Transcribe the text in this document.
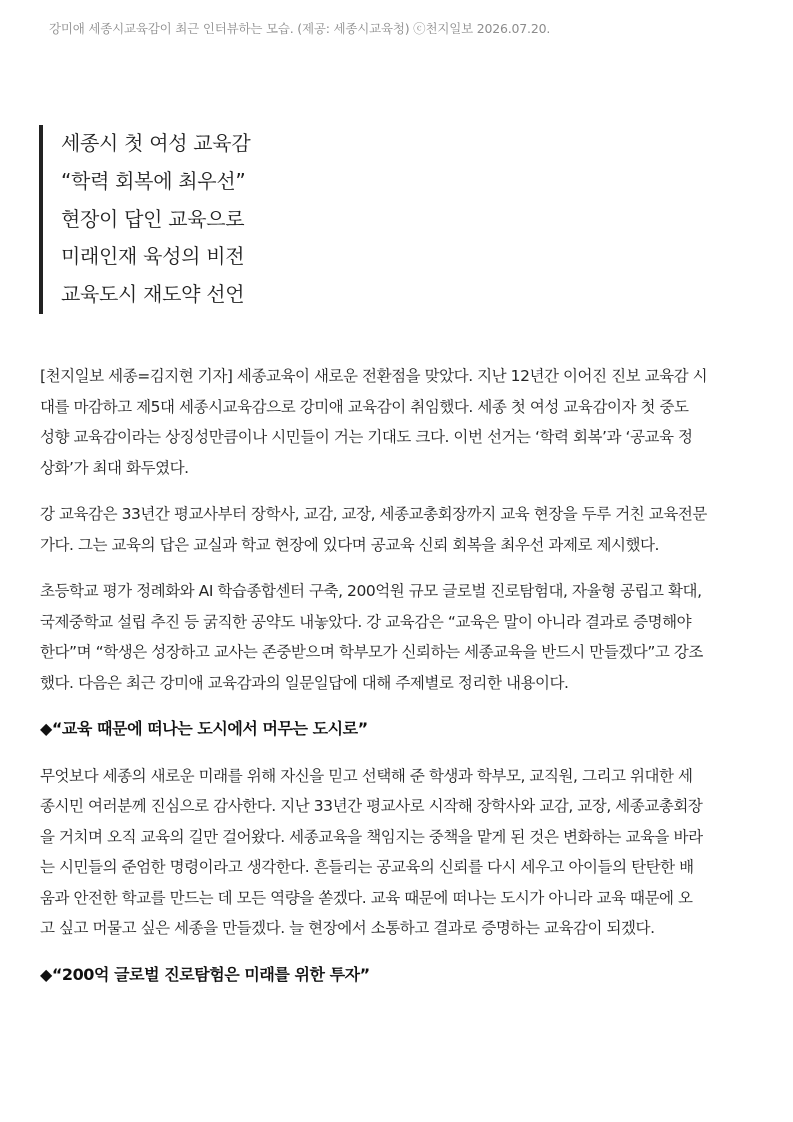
강미애 세종시교육감이 최근 인터뷰하는 모습. (제공: 세종시교육청) ⓒ천지일보 2026.07.20.
세종시 첫 여성 교육감
“학력 회복에 최우선”
현장이 답인 교육으로
미래인재 육성의 비전
교육도시 재도약 선언

[천지일보 세종=김지현 기자] 세종교육이 새로운 전환점을 맞았다. 지난 12년간 이어진 진보 교육감 시
대를 마감하고 제5대 세종시교육감으로 강미애 교육감이 취임했다. 세종 첫 여성 교육감이자 첫 중도
성향 교육감이라는 상징성만큼이나 시민들이 거는 기대도 크다. 이번 선거는 ‘학력 회복’과 ‘공교육 정
상화’가 최대 화두였다.

강 교육감은 33년간 평교사부터 장학사, 교감, 교장, 세종교총회장까지 교육 현장을 두루 거친 교육전문
가다. 그는 교육의 답은 교실과 학교 현장에 있다며 공교육 신뢰 회복을 최우선 과제로 제시했다.

초등학교 평가 정례화와 AI 학습종합센터 구축, 200억원 규모 글로벌 진로탐험대, 자율형 공립고 확대,
국제중학교 설립 추진 등 굵직한 공약도 내놓았다. 강 교육감은 “교육은 말이 아니라 결과로 증명해야
한다”며 “학생은 성장하고 교사는 존중받으며 학부모가 신뢰하는 세종교육을 반드시 만들겠다”고 강조
했다. 다음은 최근 강미애 교육감과의 일문일답에 대해 주제별로 정리한 내용이다.

◆“교육 때문에 떠나는 도시에서 머무는 도시로”

무엇보다 세종의 새로운 미래를 위해 자신을 믿고 선택해 준 학생과 학부모, 교직원, 그리고 위대한 세
종시민 여러분께 진심으로 감사한다. 지난 33년간 평교사로 시작해 장학사와 교감, 교장, 세종교총회장
을 거치며 오직 교육의 길만 걸어왔다. 세종교육을 책임지는 중책을 맡게 된 것은 변화하는 교육을 바라
는 시민들의 준엄한 명령이라고 생각한다. 흔들리는 공교육의 신뢰를 다시 세우고 아이들의 탄탄한 배
움과 안전한 학교를 만드는 데 모든 역량을 쏟겠다. 교육 때문에 떠나는 도시가 아니라 교육 때문에 오
고 싶고 머물고 싶은 세종을 만들겠다. 늘 현장에서 소통하고 결과로 증명하는 교육감이 되겠다.

◆“200억 글로벌 진로탐험은 미래를 위한 투자”
